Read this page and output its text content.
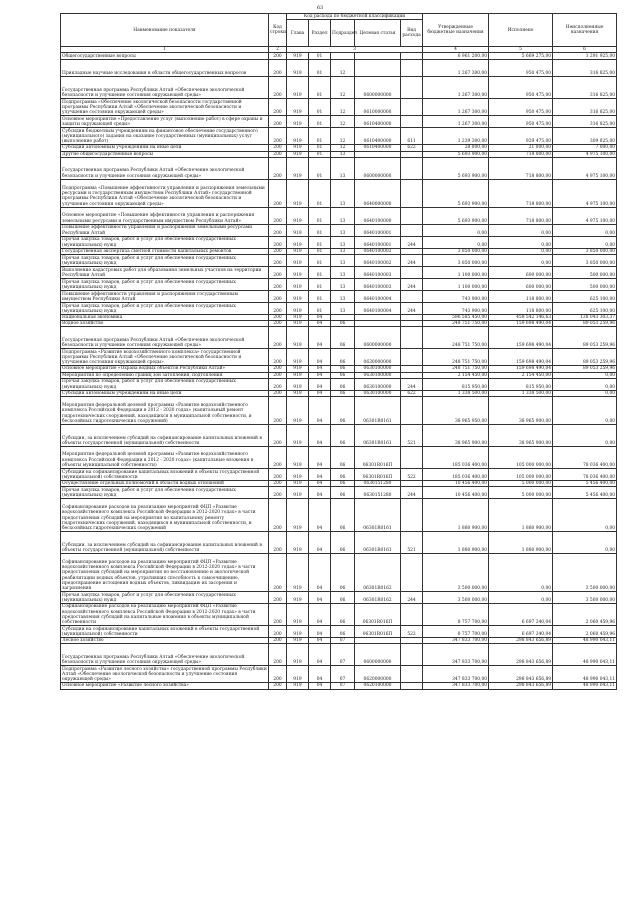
63
Наименование показателя	Код строки	Код расхода по бюджетной классификации					Утвержденные бюджетные назначения	Исполнено	Неисполненные назначения
		Глава	Раздел	Подраздел	Целевая статья	Вид расхода			
1	2	3					4	5	6
Общегосударственные вопросы	200	919	01				6 961 200,00	5 669 275,00	1 291 925,00
Прикладные научные исследования в области общегосударственных вопросов	200	919	01	12			1 267 300,00	950 475,00	316 825,00
Государственная программа Республики Алтай «Обеспечение экологической безопасности и улучшение состояния окружающей среды»	200	919	01	12	0600000000		1 267 300,00	950 475,00	316 825,00
Подпрограмма «Обеспечение экологической безопасности государственной программы Республики Алтай «Обеспечение экологической безопасности и улучшение состояния окружающей среды»	200	919	01	12	0610000000		1 267 300,00	950 475,00	316 825,00
Основное мероприятие «Предоставление услуг (выполнение работ) в сфере охраны и защиты окружающей среды»	200	919	01	12	0610400000		1 267 300,00	950 475,00	316 825,00
Субсидии бюджетным учреждениям на финансовое обеспечение государственного (муниципального) задания на оказание государственных (муниципальных) услуг (выполнение работ)	200	919	01	12	0610400000	611	1 239 300,00	929 475,00	309 825,00
Субсидии автономным учреждениям на иные цели	200	919	01	12	0610400000	622	28 000,00	21 000,00	7 000,00
Другие общегосударственные вопросы	200	919	01	13			5 693 900,00	718 800,00	4 975 100,00
Государственная программа Республики Алтай «Обеспечение экологической безопасности и улучшение состояния окружающей среды»	200	919	01	13	0600000000		5 693 900,00	718 800,00	4 975 100,00
Подпрограмма «Повышение эффективности управления и распоряжения земельными ресурсами и государственным имуществом Республики Алтай» государственной программы Республики Алтай «Обеспечение экологической безопасности и улучшение состояния окружающей среды»	200	919	01	13	0640000000		5 693 900,00	718 800,00	4 975 100,00
Основное мероприятие «Повышение эффективности управления и распоряжения земельными ресурсами и государственным имуществом Республики Алтай»	200	919	01	13	0640100000		5 693 900,00	718 800,00	4 975 100,00
Повышение эффективности управления и распоряжения земельными ресурсами Республики Алтай	200	919	01	13	0640100001		0,00	0,00	0,00
Прочая закупка товаров, работ и услуг для обеспечения государственных (муниципальных) нужд	200	919	01	13	0640100001	244	0,00	0,00	0,00
Государственная экспертиза сметной стоимости капитальных ремонтов	200	919	01	13	0640100002		3 850 000,00	0,00	3 850 000,00
Прочая закупка товаров, работ и услуг для обеспечения государственных (муниципальных) нужд	200	919	01	13	0640100002	244	3 850 000,00	0,00	3 850 000,00
Выполнение кадастровых работ для образования земельных участков на территории Республики Алтай	200	919	01	13	0640100003		1 100 000,00	600 000,00	500 000,00
Прочая закупка товаров, работ и услуг для обеспечения государственных (муниципальных) нужд	200	919	01	13	0640100003	244	1 100 000,00	600 000,00	500 000,00
Повышение эффективности управления и распоряжения государственным имуществом Республики Алтай	200	919	01	13	0640100004		743 900,00	118 800,00	625 100,00
Прочая закупка товаров, работ и услуг для обеспечения государственных (муниципальных) нужд	200	919	01	13	0640100004	244	743 900,00	118 800,00	625 100,00
Национальная экономика	200	919	04				596 585 450,00	458 542 146,63	138 043 303,37
Водное хозяйство	200	919	04	06			248 751 750,00	159 698 490,04	89 053 259,96
Государственная программа Республики Алтай «Обеспечение экологической безопасности и улучшение состояния окружающей среды»	200	919	04	06	0600000000		248 751 750,00	159 698 490,04	89 053 259,96
Подпрограмма «Развитие водохозяйственного комплекса» государственной программы Республики Алтай «Обеспечение экологической безопасности и улучшение состояния окружающей среды»	200	919	04	06	0630000000		248 751 750,00	159 698 490,04	89 053 259,96
Основное мероприятие «Охрана водных объектов Республики Алтай»	200	919	04	06	0630100000		248 751 750,00	159 698 490,04	89 053 259,96
Мероприятия по определению границ зон затопления, подтопления	200	919	04	06	0630100000		2 154 450,00	2 154 450,00	0,00
Прочая закупка товаров, работ и услуг для обеспечения государственных (муниципальных) нужд	200	919	04	06	0630100000	244	815 950,00	815 950,00	0,00
Субсидии автономным учреждениям на иные цели	200	919	04	06	0630100000	622	1 338 500,00	1 338 500,00	0,00
Мероприятия федеральной целевой программы «Развитие водохозяйственного комплекса Российской Федерации в 2012 - 2020 годах» (капитальный ремонт гидротехнических сооружений, находящихся в муниципальной собственности, и бесхозяйных гидротехнических сооружений)	200	919	04	06	06301R0161		38 965 950,00	38 965 900,00	0,00
Субсидии, за исключением субсидий на софинансирование капитальных вложений в объекты государственной (муниципальной) собственности	200	919	04	06	06301R0161	521	38 965 900,00	38 965 900,00	0,00
Мероприятия федеральной целевой программы «Развитие водохозяйственного комплекса Российской Федерации в 2012 - 2020 годах» (капитальные вложения в объекты муниципальной собственности)	200	919	04	06	06301R016П		185 036 400,00	105 000 000,00	78 036 400,00
Субсидии на софинансирование капитальных вложений в объекты государственной (муниципальной) собственности	200	919	04	06	06301R016П	522	185 036 400,00	105 000 000,00	78 036 400,00
Осуществление отдельных полномочий в области водных отношений	200	919	04	06	0630151280		10 456 400,00	5 000 000,00	5 456 400,00
Прочая закупка товаров, работ и услуг для обеспечения государственных (муниципальных) нужд	200	919	04	06	0630151280	244	10 456 400,00	5 000 000,00	5 456 400,00
Софинансирование расходов на реализацию мероприятий ФЦП «Развитие водохозяйственного комплекса Российской Федерации в 2012-2020 годах» в части предоставления субсидий на мероприятия по капитальному ремонту гидротехнических сооружений, находящихся в муниципальной собственности, и бесхозяйных гидротехнических сооружений	200	919	04	06	06301R0161		1 880 900,00	1 880 900,00	0,00
Субсидии, за исключением субсидий на софинансирование капитальных вложений в объекты государственной (муниципальной) собственности	200	919	04	06	06301R0161	521	1 880 900,00	1 880 900,00	0,00
Софинансирование расходов на реализацию мероприятий ФЦП «Развитие водохозяйственного комплекса Российской Федерации в 2012-2020 годах» в части предоставления субсидий на мероприятия по восстановлению и экологической реабилитации водных объектов, утративших способность к самоочищению, предотвращение истощения водных объектов, ликвидацию их засорения и загрязнения	200	919	04	06	06301R0162		3 500 000,00	0,00	3 500 000,00
Прочая закупка товаров, работ и услуг для обеспечения государственных (муниципальных) нужд	200	919	04	06	06301R0162	244	3 500 000,00	0,00	3 500 000,00
Софинансирование расходов на реализацию мероприятий ФЦП «Развитие водохозяйственного комплекса Российской Федерации в 2012-2020 годах» в части предоставления субсидий на капитальные вложения в объекты муниципальной собственности	200	919	04	06	06301R016П		8 757 700,00	6 697 240,04	2 060 459,96
Субсидии на софинансирование капитальных вложений в объекты государственной (муниципальной) собственности	200	919	04	06	06301R016П	522	8 757 700,00	6 697 240,04	2 060 459,96
Лесное хозяйство	200	919	04	07			347 833 700,00	298 843 656,89	48 990 043,11
Государственная программа Республики Алтай «Обеспечение экологической безопасности и улучшение состояния окружающей среды»	200	919	04	07	0600000000		347 833 700,00	298 843 656,89	48 990 043,11
Подпрограмма «Развитие лесного хозяйства» государственной программы Республики Алтай «Обеспечение экологической безопасности и улучшение состояния окружающей среды»	200	919	04	07	0620000000		347 833 700,00	298 843 656,89	48 990 043,11
Основное мероприятие «Развитие лесного хозяйства»	200	919	04	07	0620100000		347 833 700,00	298 843 656,89	48 990 043,11
